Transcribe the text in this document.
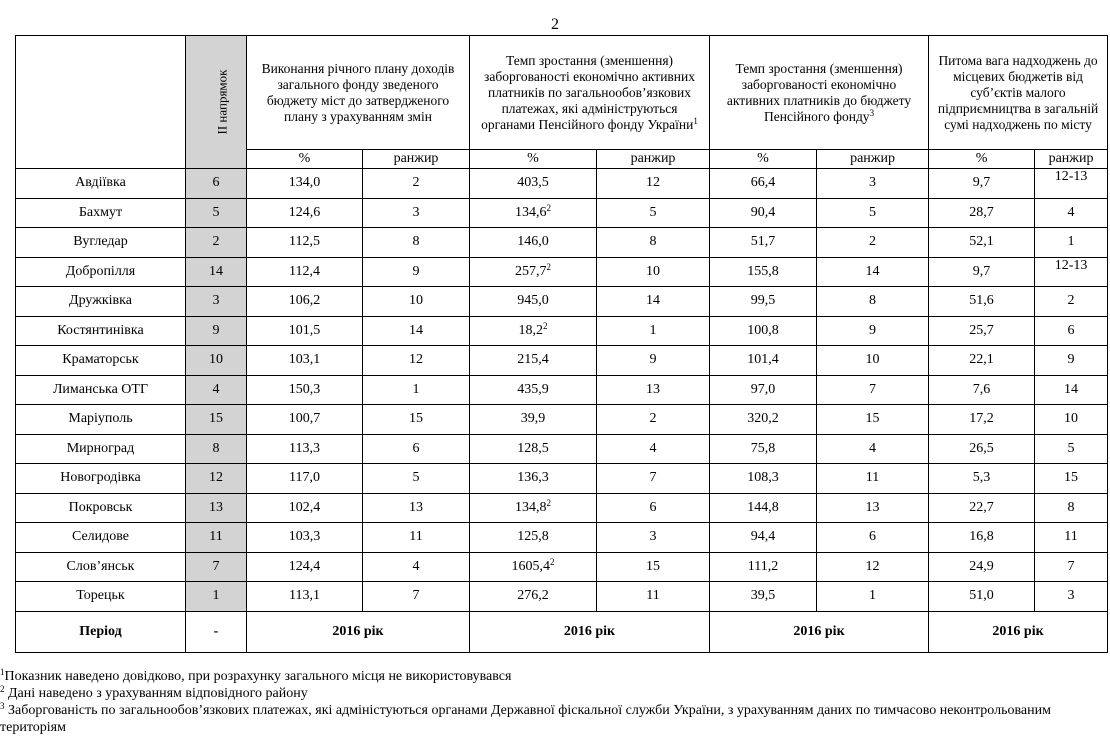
2
	ІІ напрямок	Виконання річного плану доходів загального фонду зведеного бюджету міст до затвердженого плану з урахуванням змін		Темп зростання (зменшення) заборгованості економічно активних платників по загальнообов’язкових платежах, які адмініструються органами Пенсійного фонду України$^1$		Темп зростання (зменшення) заборгованості економічно активних платників до бюджету Пенсійного фонду$^3$		Питома вага надходжень до місцевих бюджетів від суб’єктів малого підприємництва в загальній сумі надходжень по місту	
		%	ранжир	%	ранжир	%	ранжир	%	ранжир
Авдіївка	6	134,0	2	403,5	12	66,4	3	9,7	12-13
Бахмут	5	124,6	3	134,6$^2$	5	90,4	5	28,7	4
Вугледар	2	112,5	8	146,0	8	51,7	2	52,1	1
Добропілля	14	112,4	9	257,7$^2$	10	155,8	14	9,7	12-13
Дружківка	3	106,2	10	945,0	14	99,5	8	51,6	2
Костянтинівка	9	101,5	14	18,2$^2$	1	100,8	9	25,7	6
Краматорськ	10	103,1	12	215,4	9	101,4	10	22,1	9
Лиманська ОТГ	4	150,3	1	435,9	13	97,0	7	7,6	14
Маріуполь	15	100,7	15	39,9	2	320,2	15	17,2	10
Мирноград	8	113,3	6	128,5	4	75,8	4	26,5	5
Новогродівка	12	117,0	5	136,3	7	108,3	11	5,3	15
Покровськ	13	102,4	13	134,8$^2$	6	144,8	13	22,7	8
Селидове	11	103,3	11	125,8	3	94,4	6	16,8	11
Слов’янськ	7	124,4	4	1605,4$^2$	15	111,2	12	24,9	7
Торецьк	1	113,1	7	276,2	11	39,5	1	51,0	3
Період	-	2016 рік		2016 рік		2016 рік		2016 рік	
$^1$Показник наведено довідково, при розрахунку загального місця не використовувався
$^2$ Дані наведено з урахуванням відповідного району
$^3$ Заборгованість по загальнообов’язкових платежах, які адміністуються органами Державної фіскальної служби України, з урахуванням даних по тимчасово неконтрольованим територіям
